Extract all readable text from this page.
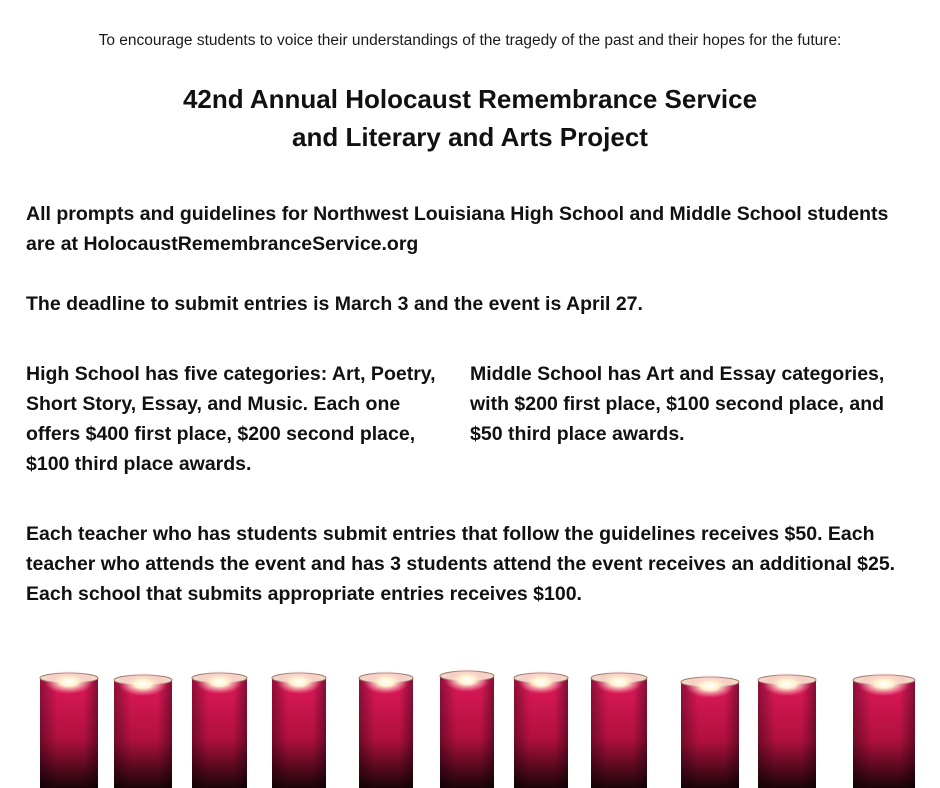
To encourage students to voice their understandings of the tragedy of the past and their hopes for the future:
42nd Annual Holocaust Remembrance Service
and Literary and Arts Project

All prompts and guidelines for Northwest Louisiana High School and Middle School students are at HolocaustRemembranceService.org

The deadline to submit entries is March 3 and the event is April 27.

High School has five categories: Art, Poetry, Short Story, Essay, and Music. Each one offers $400 first place, $200 second place, $100 third place awards.

Middle School has Art and Essay categories, with $200 first place, $100 second place, and $50 third place awards.

Each teacher who has students submit entries that follow the guidelines receives $50. Each teacher who attends the event and has 3 students attend the event receives an additional $25. Each school that submits appropriate entries receives $100.
